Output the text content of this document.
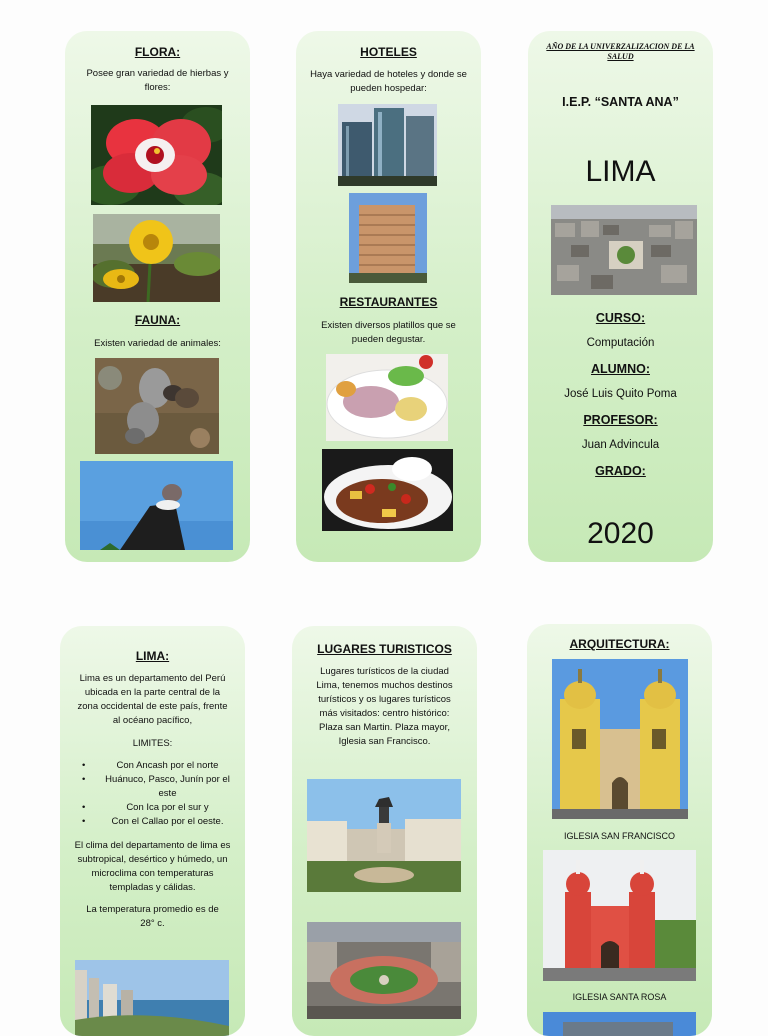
FLORA:
Posee gran variedad de hierbas y flores:
FAUNA:
Existen variedad de animales:
HOTELES
Haya variedad de hoteles y donde se pueden hospedar:
RESTAURANTES
Existen diversos platillos que se pueden degustar.
AÑO DE LA UNIVERZALIZACION DE LA SALUD
I.E.P. “SANTA ANA”
LIMA
CURSO:
Computación
ALUMNO:
José Luis Quito Poma
PROFESOR:
Juan Advincula
GRADO:
2020
LIMA:
Lima es un departamento del Perú ubicada en la parte central de la zona occidental de este país, frente al océano pacífico,
LIMITES:
• Con Ancash por el norte
• Huánuco, Pasco, Junín por el este
• Con Ica por el sur y
• Con el Callao por el oeste.
El clima del departamento de lima es subtropical, desértico y húmedo, un microclima con temperaturas templadas y cálidas.
La temperatura promedio es de 28° c.
LUGARES TURISTICOS
Lugares turísticos de la ciudad Lima, tenemos muchos destinos turísticos y os lugares turísticos más visitados: centro histórico: Plaza san Martin. Plaza mayor, Iglesia san Francisco.
ARQUITECTURA:
IGLESIA SAN FRANCISCO
IGLESIA SANTA ROSA
